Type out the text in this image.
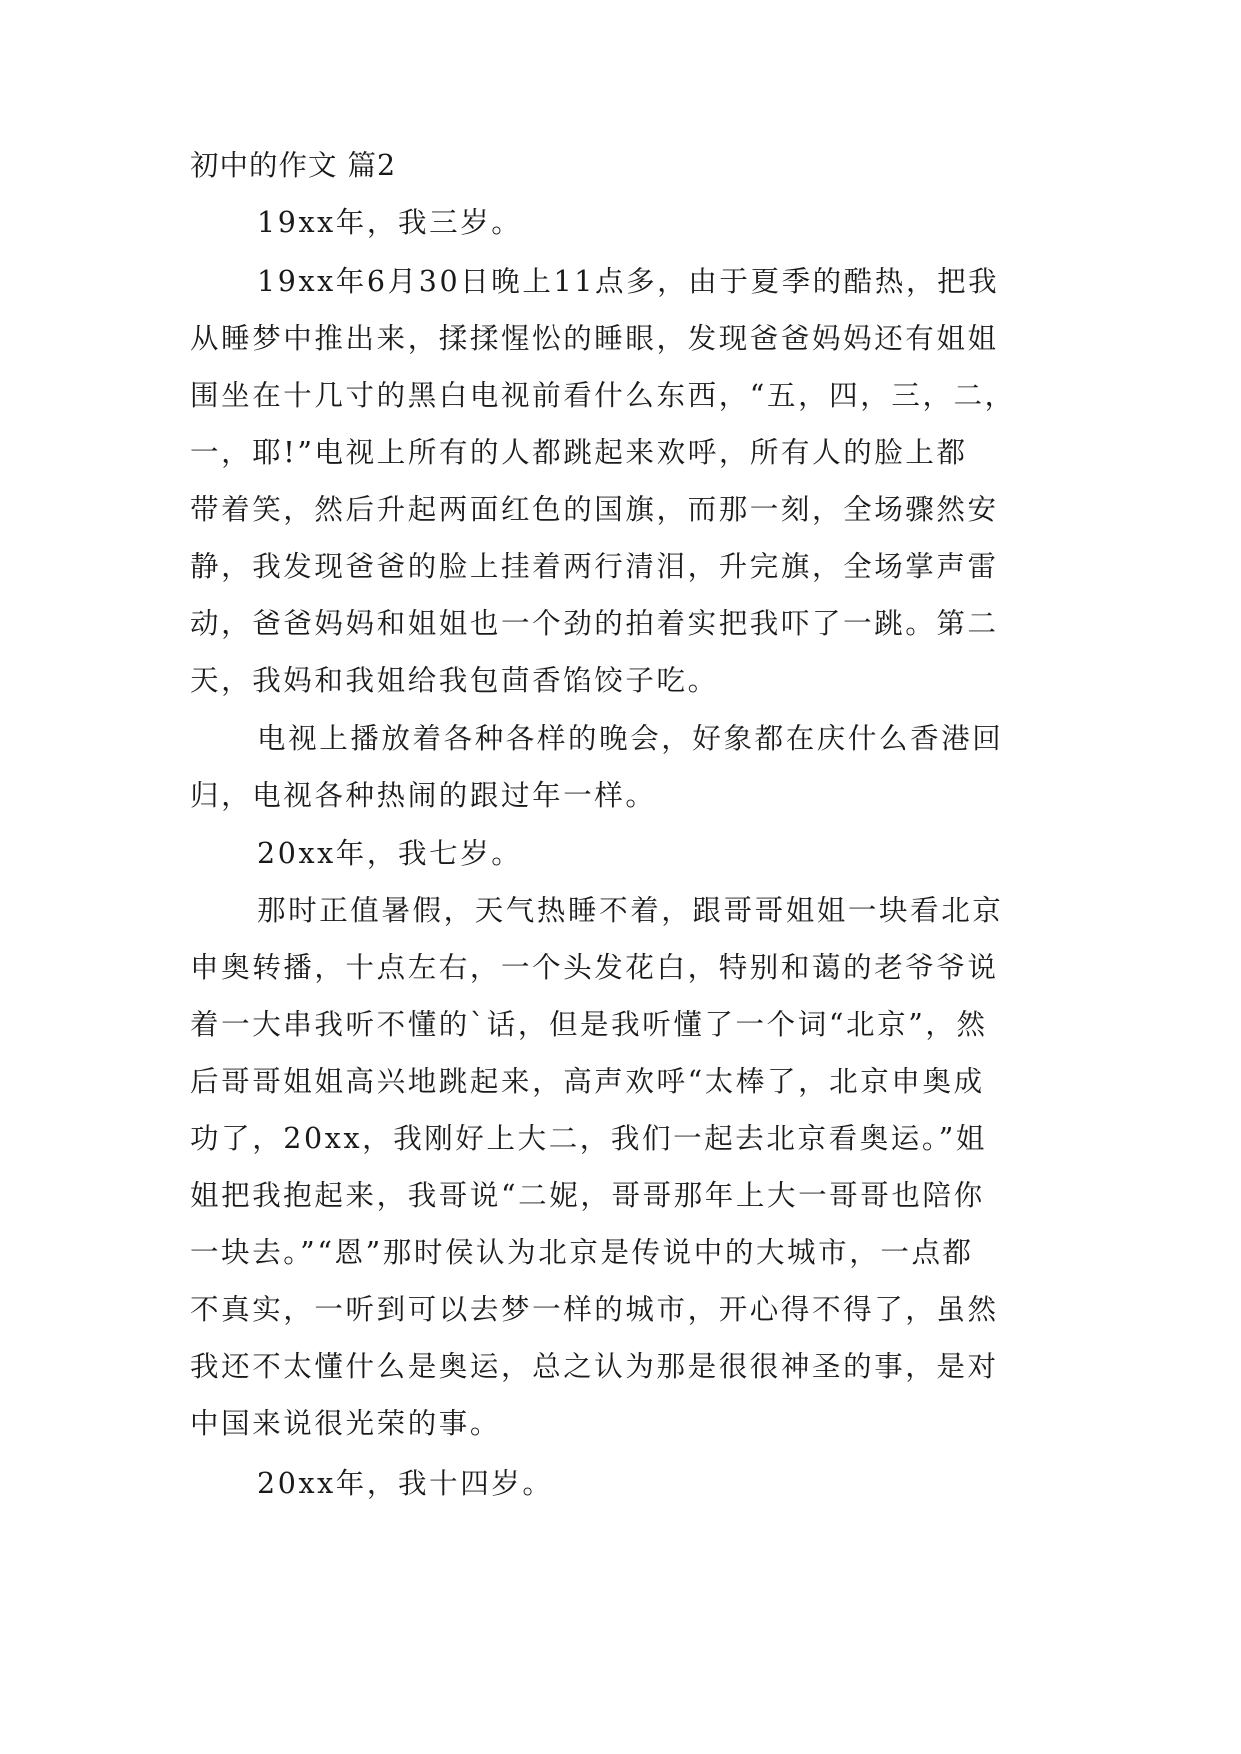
初中的作文 篇2
19xx年，我三岁。
19xx年6月30日晚上11点多，由于夏季的酷热，把我
从睡梦中推出来，揉揉惺忪的睡眼，发现爸爸妈妈还有姐姐
围坐在十几寸的黑白电视前看什么东西，“五，四，三，二，
一，耶!”电视上所有的人都跳起来欢呼，所有人的脸上都
带着笑，然后升起两面红色的国旗，而那一刻，全场骤然安
静，我发现爸爸的脸上挂着两行清泪，升完旗，全场掌声雷
动，爸爸妈妈和姐姐也一个劲的拍着实把我吓了一跳。第二
天，我妈和我姐给我包茴香馅饺子吃。
电视上播放着各种各样的晚会，好象都在庆什么香港回
归，电视各种热闹的跟过年一样。
20xx年，我七岁。
那时正值暑假，天气热睡不着，跟哥哥姐姐一块看北京
申奥转播，十点左右，一个头发花白，特别和蔼的老爷爷说
着一大串我听不懂的`话，但是我听懂了一个词“北京”，然
后哥哥姐姐高兴地跳起来，高声欢呼“太棒了，北京申奥成
功了，20xx，我刚好上大二，我们一起去北京看奥运。”姐
姐把我抱起来，我哥说“二妮，哥哥那年上大一哥哥也陪你
一块去。”“恩”那时侯认为北京是传说中的大城市，一点都
不真实，一听到可以去梦一样的城市，开心得不得了，虽然
我还不太懂什么是奥运，总之认为那是很很神圣的事，是对
中国来说很光荣的事。
20xx年，我十四岁。
